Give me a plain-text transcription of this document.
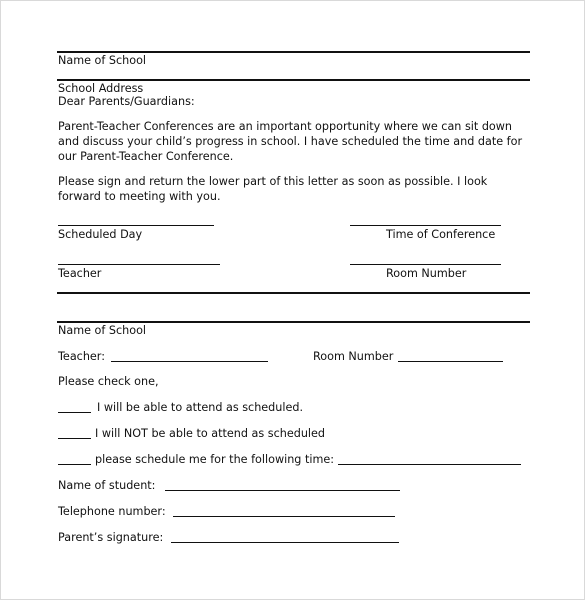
Name of School

School Address

Dear Parents/Guardians:

Parent-Teacher Conferences are an important opportunity where we can sit down

and discuss your child’s progress in school. I have scheduled the time and date for

our Parent-Teacher Conference.

Please sign and return the lower part of this letter as soon as possible. I look

forward to meeting with you.

Scheduled Day	Time of Conference

Teacher	Room Number

Name of School

Teacher:	Room Number

Please check one,

I will be able to attend as scheduled.

I will NOT be able to attend as scheduled

please schedule me for the following time:

Name of student:

Telephone number:

Parent’s signature:
